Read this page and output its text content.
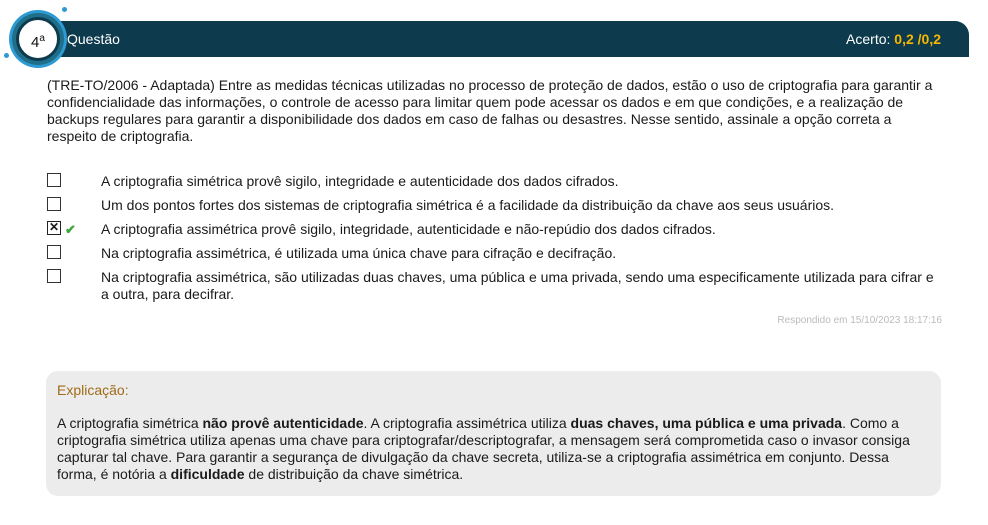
Questão	Acerto: 0,2 /0,2
4$^a$
(TRE-TO/2006 - Adaptada) Entre as medidas técnicas utilizadas no processo de proteção de dados, estão o uso de criptografia para garantir a confidencialidade das informações, o controle de acesso para limitar quem pode acessar os dados e em que condições, e a realização de backups regulares para garantir a disponibilidade dos dados em caso de falhas ou desastres. Nesse sentido, assinale a opção correta a respeito de criptografia.
A criptografia simétrica provê sigilo, integridade e autenticidade dos dados cifrados.
Um dos pontos fortes dos sistemas de criptografia simétrica é a facilidade da distribuição da chave aos seus usuários.
✕ ✔ A criptografia assimétrica provê sigilo, integridade, autenticidade e não-repúdio dos dados cifrados.
Na criptografia assimétrica, é utilizada uma única chave para cifração e decifração.
Na criptografia assimétrica, são utilizadas duas chaves, uma pública e uma privada, sendo uma especificamente utilizada para cifrar e a outra, para decifrar.
Respondido em 15/10/2023 18:17:16
Explicação:
A criptografia simétrica não provê autenticidade. A criptografia assimétrica utiliza duas chaves, uma pública e uma privada. Como a criptografia simétrica utiliza apenas uma chave para criptografar/descriptografar, a mensagem será comprometida caso o invasor consiga capturar tal chave. Para garantir a segurança de divulgação da chave secreta, utiliza-se a criptografia assimétrica em conjunto. Dessa forma, é notória a dificuldade de distribuição da chave simétrica.
